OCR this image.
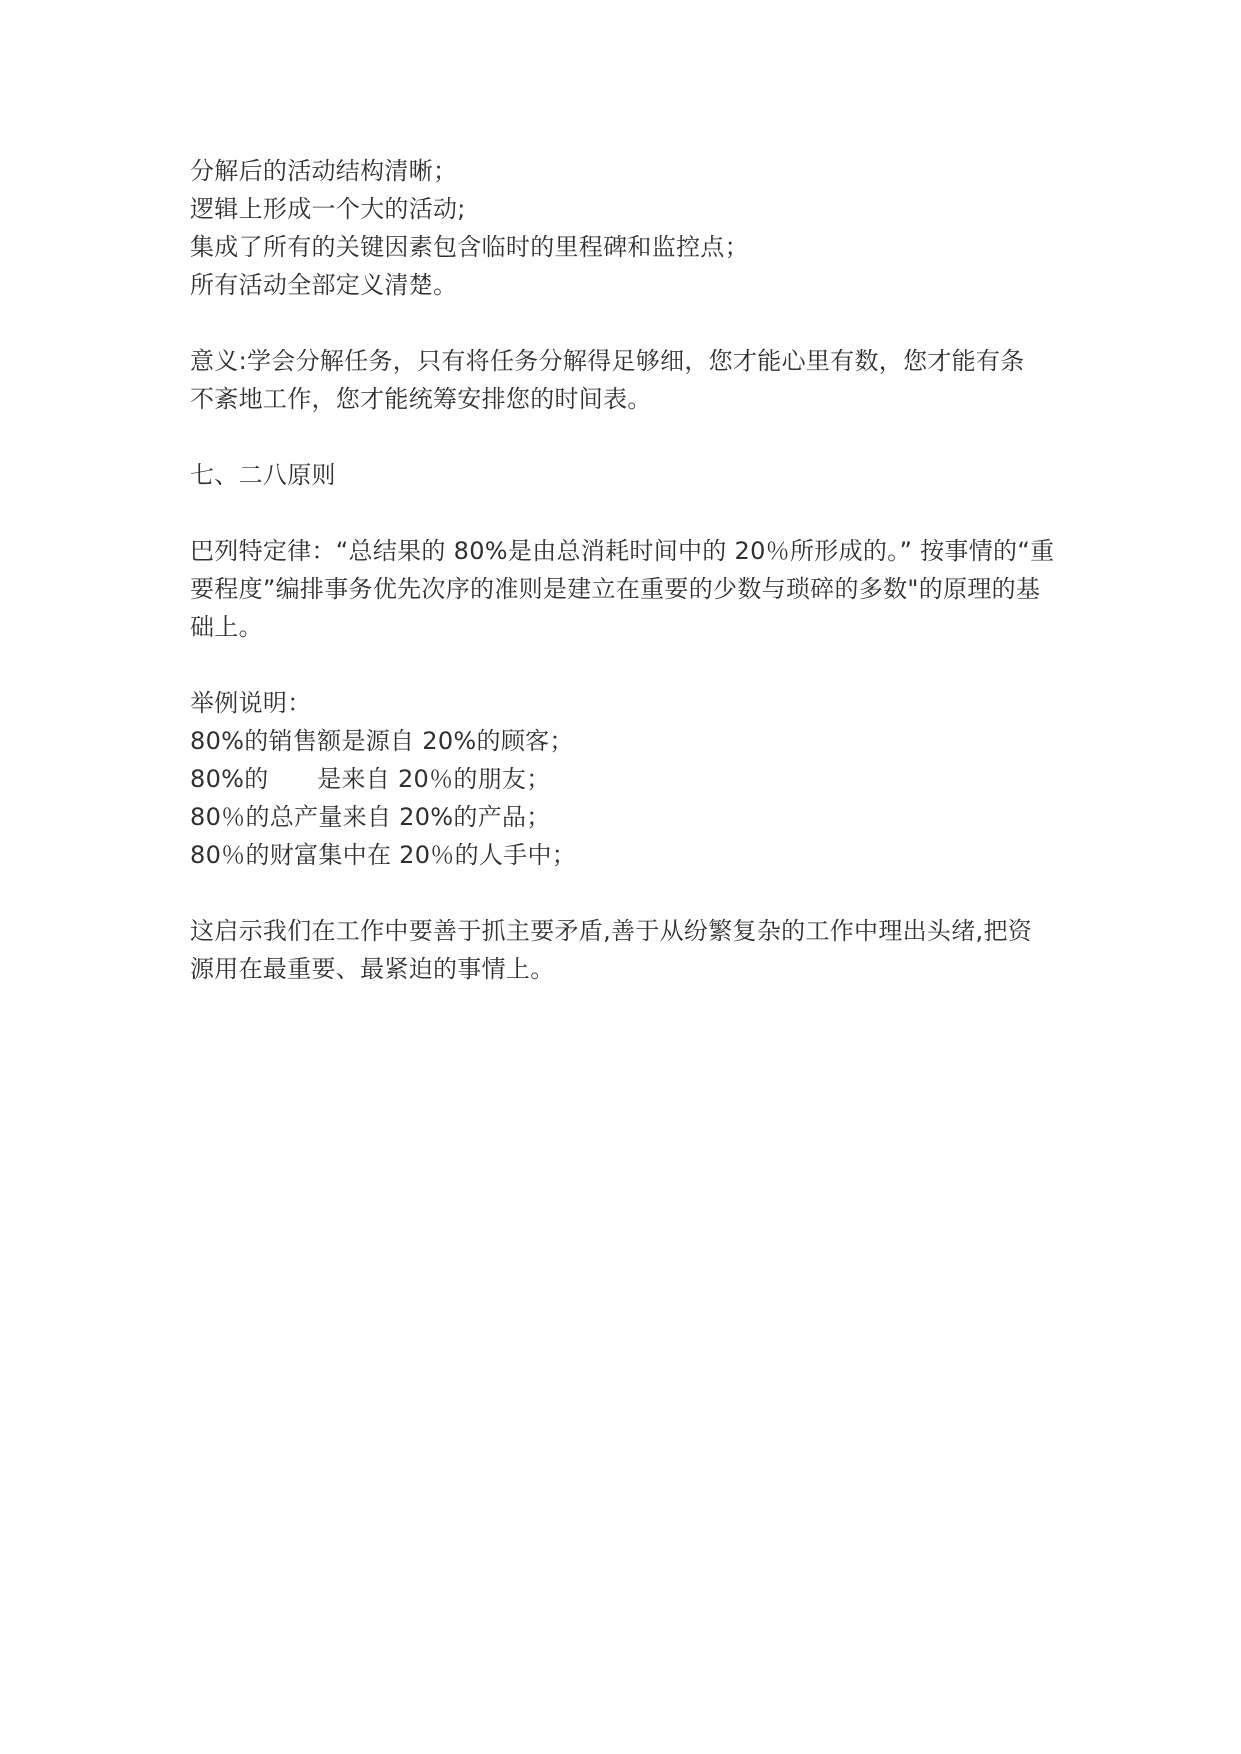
分解后的活动结构清晰；
逻辑上形成一个大的活动;
集成了所有的关键因素包含临时的里程碑和监控点；
所有活动全部定义清楚。
意义:学会分解任务，只有将任务分解得足够细，您才能心里有数，您才能有条
不紊地工作，您才能统筹安排您的时间表。
七、二八原则
巴列特定律：“总结果的 80%是由总消耗时间中的 20％所形成的。” 按事情的“重
要程度”编排事务优先次序的准则是建立在重要的少数与琐碎的多数"的原理的基
础上。
举例说明：
80%的销售额是源自 20%的顾客；
80%的　　是来自 20％的朋友；
80％的总产量来自 20%的产品；
80％的财富集中在 20％的人手中；
这启示我们在工作中要善于抓主要矛盾,善于从纷繁复杂的工作中理出头绪,把资
源用在最重要、最紧迫的事情上。
